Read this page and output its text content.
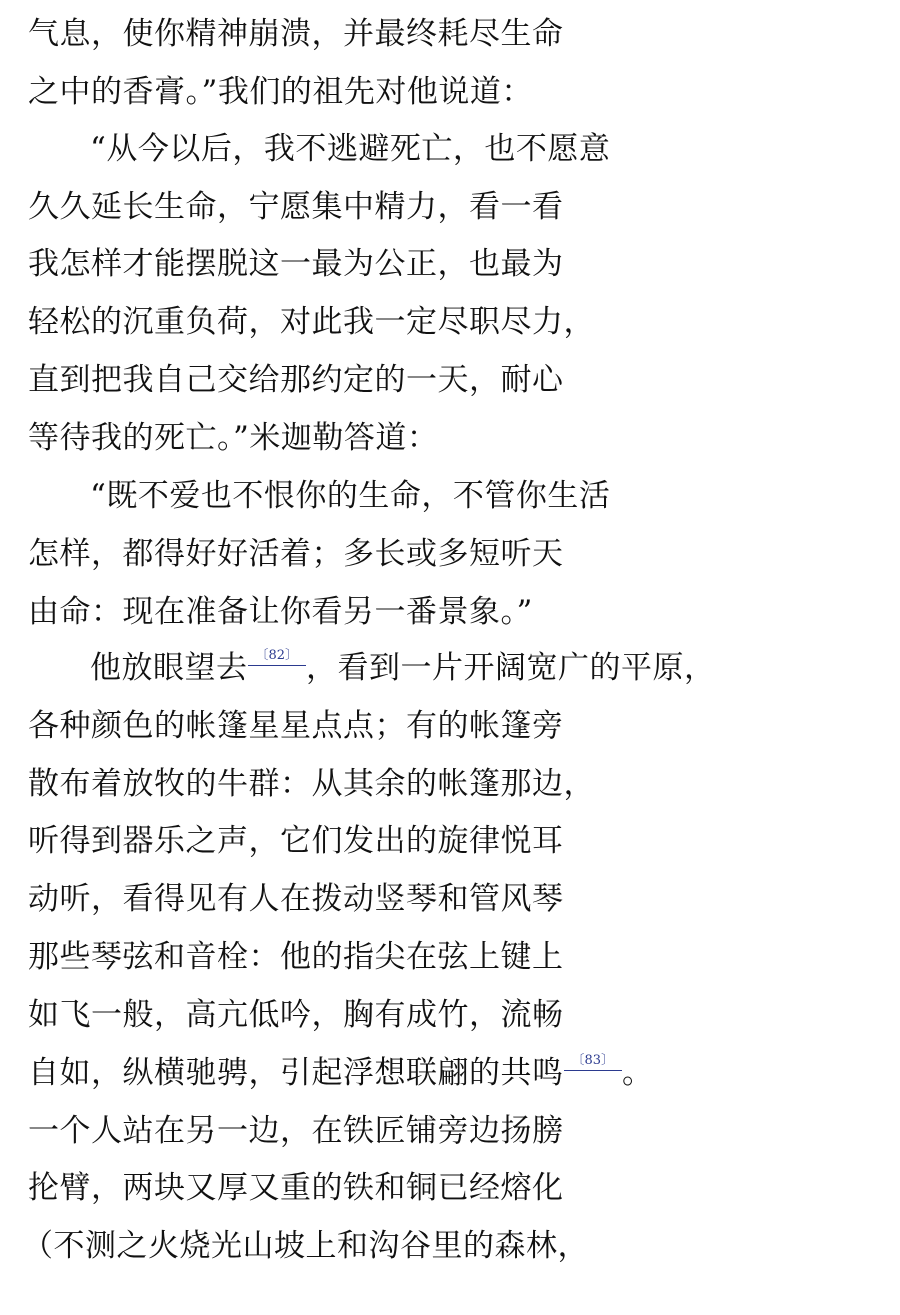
气息，使你精神崩溃，并最终耗尽生命
之中的香膏。”我们的祖先对他说道：
“从今以后，我不逃避死亡，也不愿意
久久延长生命，宁愿集中精力，看一看
我怎样才能摆脱这一最为公正，也最为
轻松的沉重负荷，对此我一定尽职尽力，
直到把我自己交给那约定的一天，耐心
等待我的死亡。”米迦勒答道：
“既不爱也不恨你的生命，不管你生活
怎样，都得好好活着；多长或多短听天
由命：现在准备让你看另一番景象。”
他放眼望去 〔82〕 ，看到一片开阔宽广的平原，
各种颜色的帐篷星星点点；有的帐篷旁
散布着放牧的牛群：从其余的帐篷那边，
听得到器乐之声，它们发出的旋律悦耳
动听，看得见有人在拨动竖琴和管风琴
那些琴弦和音栓：他的指尖在弦上键上
如飞一般，高亢低吟，胸有成竹，流畅
自如，纵横驰骋，引起浮想联翩的共鸣 〔83〕 。
一个人站在另一边，在铁匠铺旁边扬膀
抡臂，两块又厚又重的铁和铜已经熔化
（不测之火烧光山坡上和沟谷里的森林，
